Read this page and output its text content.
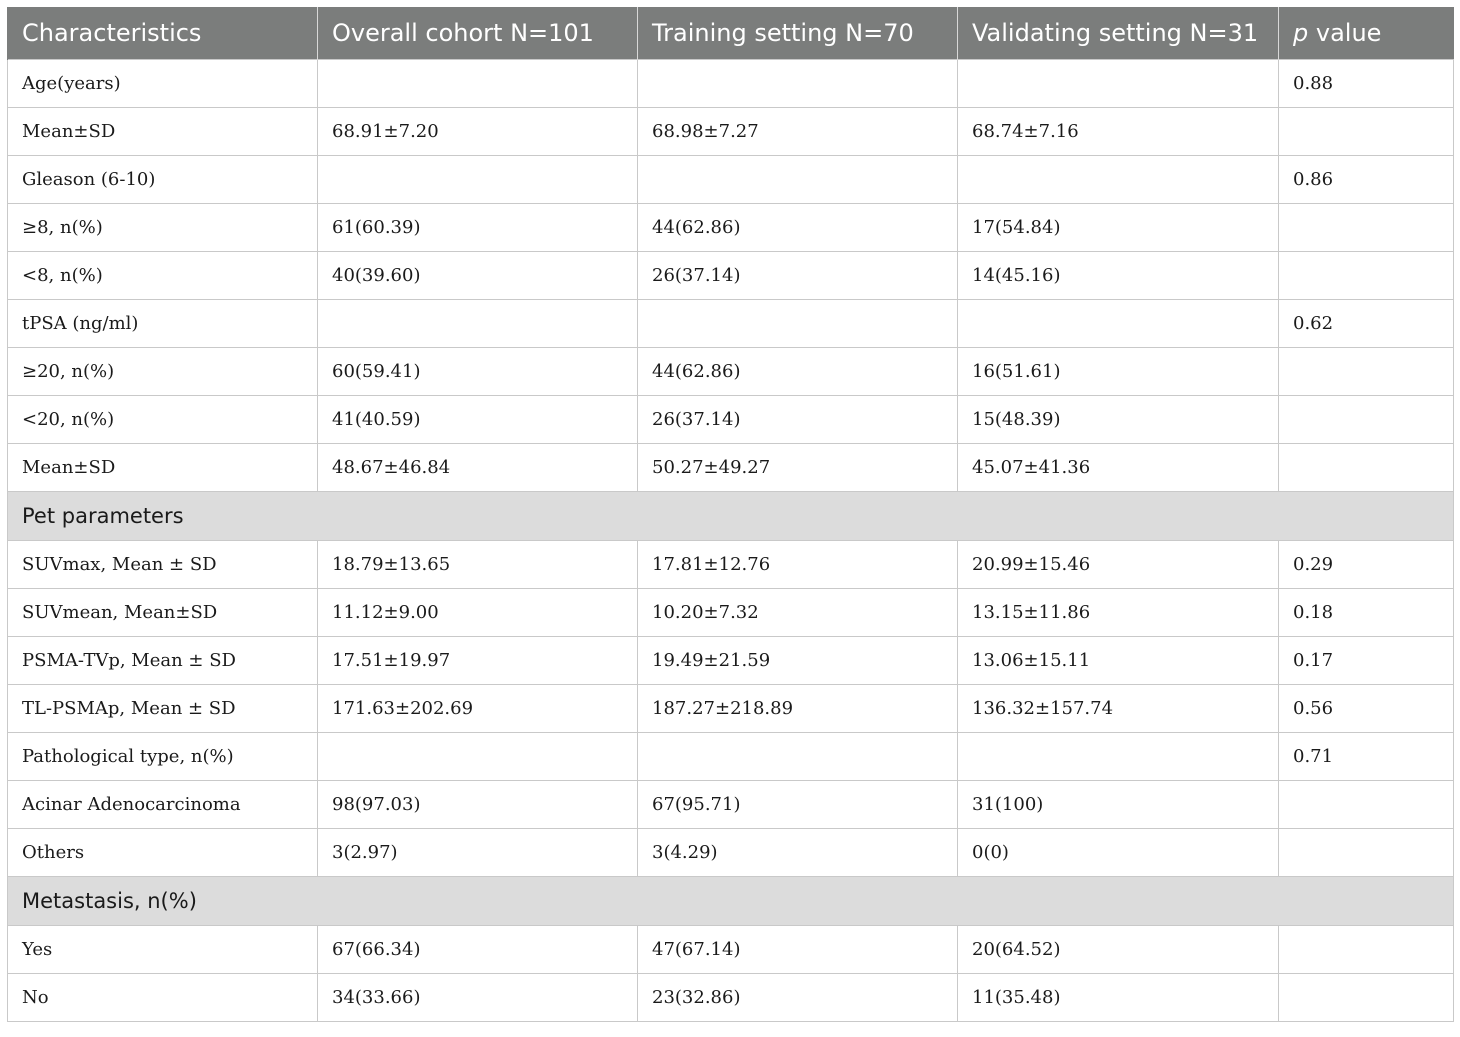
Characteristics	Overall cohort N=101	Training setting N=70	Validating setting N=31	p value
Age(years)				0.88
Mean±SD	68.91±7.20	68.98±7.27	68.74±7.16	
Gleason (6-10)				0.86
≥8, n(%)	61(60.39)	44(62.86)	17(54.84)	
<8, n(%)	40(39.60)	26(37.14)	14(45.16)	
tPSA (ng/ml)				0.62
≥20, n(%)	60(59.41)	44(62.86)	16(51.61)	
<20, n(%)	41(40.59)	26(37.14)	15(48.39)	
Mean±SD	48.67±46.84	50.27±49.27	45.07±41.36	
Pet parameters				
SUVmax, Mean ± SD	18.79±13.65	17.81±12.76	20.99±15.46	0.29
SUVmean, Mean±SD	11.12±9.00	10.20±7.32	13.15±11.86	0.18
PSMA-TVp, Mean ± SD	17.51±19.97	19.49±21.59	13.06±15.11	0.17
TL-PSMAp, Mean ± SD	171.63±202.69	187.27±218.89	136.32±157.74	0.56
Pathological type, n(%)				0.71
Acinar Adenocarcinoma	98(97.03)	67(95.71)	31(100)	
Others	3(2.97)	3(4.29)	0(0)	
Metastasis, n(%)				
Yes	67(66.34)	47(67.14)	20(64.52)	
No	34(33.66)	23(32.86)	11(35.48)	
